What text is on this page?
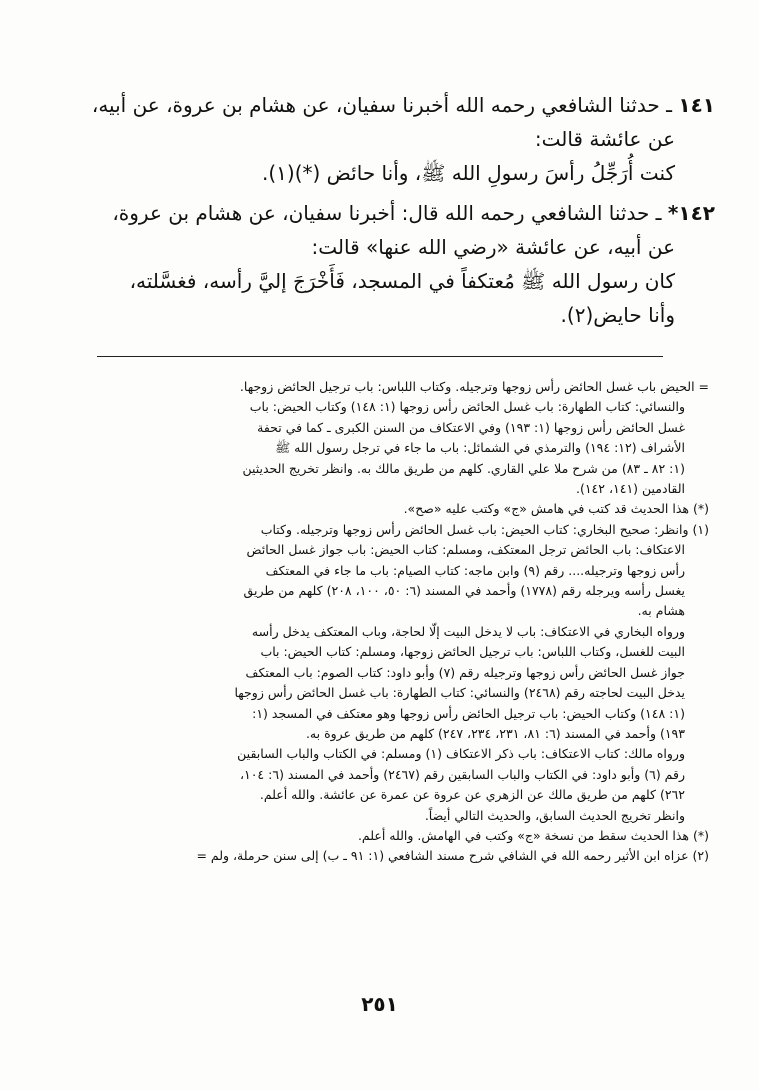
١٤١ ـ حدثنا الشافعي رحمه الله أخبرنا سفيان، عن هشام بن عروة، عن أبيه،

عن عائشة قالت:

كنت أُرَجِّلُ رأسَ رسولِ الله ﷺ، وأنا حائض (*)(١).

١٤٢* ـ حدثنا الشافعي رحمه الله قال: أخبرنا سفيان، عن هشام بن عروة،

عن أبيه، عن عائشة «رضي الله عنها» قالت:

كان رسول الله ﷺ مُعتكفاً في المسجد، فَأَخْرَجَ إليَّ رأسه، فغسَّلته،

وأنا حايض(٢).

= الحيض باب غسل الحائض رأس زوجها وترجيله. وكتاب اللباس: باب ترجيل الحائض زوجها.

والنسائي: كتاب الطهارة: باب غسل الحائض رأس زوجها (١: ١٤٨) وكتاب الحيض: باب

غسل الحائض رأس زوجها (١: ١٩٣) وفي الاعتكاف من السنن الكبرى ـ كما في تحفة

الأشراف (١٢: ١٩٤) والترمذي في الشمائل: باب ما جاء في ترجل رسول الله ﷺ

(١: ٨٢ ـ ٨٣) من شرح ملا علي القاري. كلهم من طريق مالك به. وانظر تخريج الحديثين

القادمين (١٤١، ١٤٢).

(*) هذا الحديث قد كتب في هامش «ج» وكتب عليه «صح».

(١) وانظر: صحيح البخاري: كتاب الحيض: باب غسل الحائض رأس زوجها وترجيله. وكتاب

الاعتكاف: باب الحائض ترجل المعتكف، ومسلم: كتاب الحيض: باب جواز غسل الحائض

رأس زوجها وترجيله.... رقم (٩) وابن ماجه: كتاب الصيام: باب ما جاء في المعتكف

يغسل رأسه ويرجله رقم (١٧٧٨) وأحمد في المسند (٦: ٥٠، ١٠٠، ٢٠٨) كلهم من طريق

هشام به.

ورواه البخاري في الاعتكاف: باب لا يدخل البيت إلّا لحاجة، وباب المعتكف يدخل رأسه

البيت للغسل، وكتاب اللباس: باب ترجيل الحائض زوجها، ومسلم: كتاب الحيض: باب

جواز غسل الحائض رأس زوجها وترجيله رقم (٧) وأبو داود: كتاب الصوم: باب المعتكف

يدخل البيت لحاجته رقم (٢٤٦٨) والنسائي: كتاب الطهارة: باب غسل الحائض رأس زوجها

(١: ١٤٨) وكتاب الحيض: باب ترجيل الحائض رأس زوجها وهو معتكف في المسجد (١:

١٩٣) وأحمد في المسند (٦: ٨١، ٢٣١، ٢٣٤، ٢٤٧) كلهم من طريق عروة به.

ورواه مالك: كتاب الاعتكاف: باب ذكر الاعتكاف (١) ومسلم: في الكتاب والباب السابقين

رقم (٦) وأبو داود: في الكتاب والباب السابقين رقم (٢٤٦٧) وأحمد في المسند (٦: ١٠٤،

٢٦٢) كلهم من طريق مالك عن الزهري عن عروة عن عمرة عن عائشة. والله أعلم.

وانظر تخريج الحديث السابق، والحديث التالي أيضاً.

(*) هذا الحديث سقط من نسخة «ج» وكتب في الهامش. والله أعلم.

(٢) عزاه ابن الأثير رحمه الله في الشافي شرح مسند الشافعي (١: ٩١ ـ ب) إلى سنن حرملة، ولم =

٢٥١
